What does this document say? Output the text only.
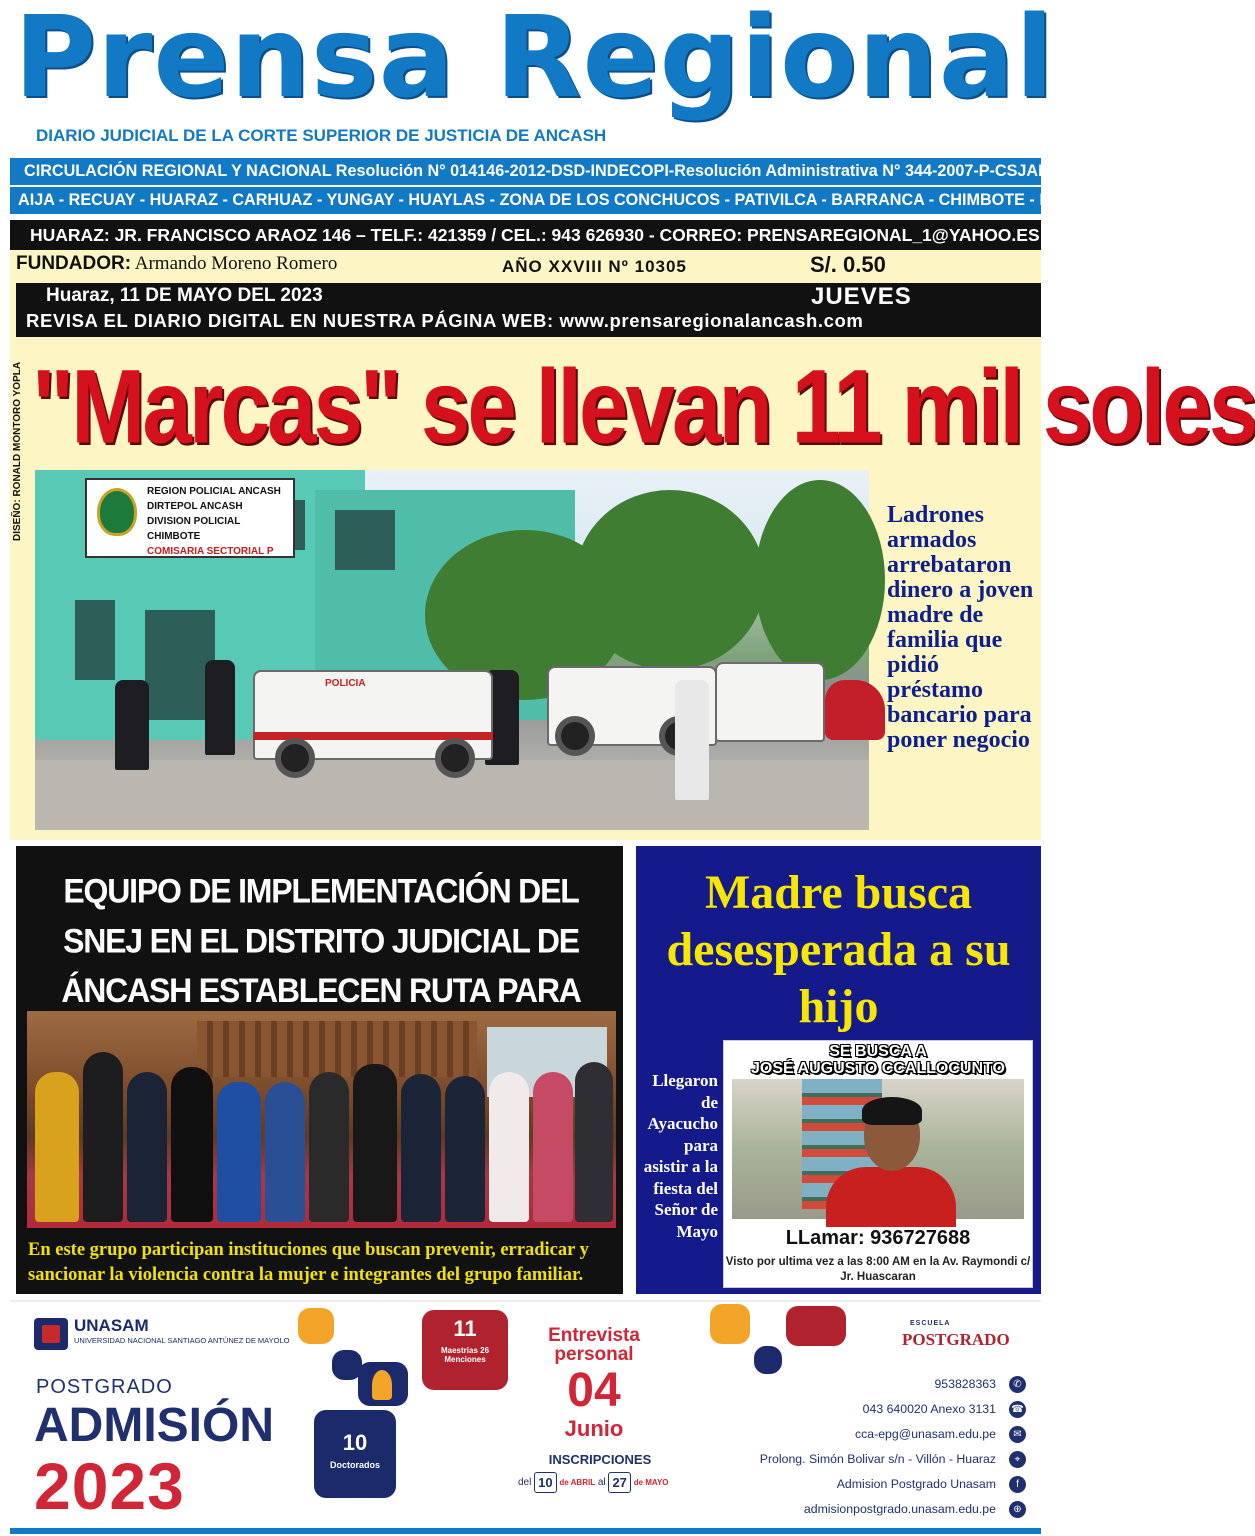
Prensa Regional
DIARIO JUDICIAL DE LA CORTE SUPERIOR DE JUSTICIA DE ANCASH
CIRCULACIÓN REGIONAL Y NACIONAL Resolución N° 014146-2012-DSD-INDECOPI-Resolución Administrativa N° 344-2007-P-CSJAN/PJ
AIJA - RECUAY - HUARAZ - CARHUAZ - YUNGAY - HUAYLAS - ZONA DE LOS CONCHUCOS - PATIVILCA - BARRANCA - CHIMBOTE - LIMA NORTE
HUARAZ: JR. FRANCISCO ARAOZ 146 – TELF.: 421359 / CEL.: 943 626930 - CORREO: PRENSAREGIONAL_1@YAHOO.ES
FUNDADOR: Armando Moreno Romero	AÑO XXVIII Nº 10305	S/. 0.50
Huaraz, 11 DE MAYO DEL 2023	JUEVES
REVISA EL DIARIO DIGITAL EN NUESTRA PÁGINA WEB: www.prensaregionalancash.com
DISEÑO: RONALD MONTORO YOPLA "Marcas" se llevan 11 mil soles
REGION POLICIAL ANCASH
DIRTEPOL ANCASH
DIVISION POLICIAL CHIMBOTE
COMISARIA SECTORIAL P
POLICIA
Ladrones armados arrebataron dinero a joven madre de familia que pidió préstamo bancario para poner negocio
EQUIPO DE IMPLEMENTACIÓN DEL SNEJ EN EL DISTRITO JUDICIAL DE ÁNCASH ESTABLECEN RUTA PARA
En este grupo participan instituciones que buscan prevenir, erradicar y sancionar la violencia contra la mujer e integrantes del grupo familiar.
Madre busca desesperada a su hijo
Llegaron de Ayacucho para asistir a la fiesta del Señor de Mayo
SE BUSCA A
JOSÉ AUGUSTO CCALLOCUNTO
LLamar: 936727688
Visto por ultima vez a las 8:00 AM en la Av. Raymondi c/ Jr. Huascaran
11
Maestrías 26 Menciones
10
Doctorados
UNASAM
UNIVERSIDAD NACIONAL SANTIAGO ANTÚNEZ DE MAYOLO
POSTGRADO
ADMISIÓN
2023
Entrevista personal
04
Junio
INSCRIPCIONES
del 10 de ABRIL al 27 de MAYO
ESCUELA
POSTGRADO
953828363	✆
043 640020 Anexo 3131 ☎
cca-epg@unasam.edu.pe	✉
Prolong. Simón Bolivar s/n - Villón - Huaraz	⌖
Admision Postgrado Unasam	f
admisionpostgrado.unasam.edu.pe	⊕
